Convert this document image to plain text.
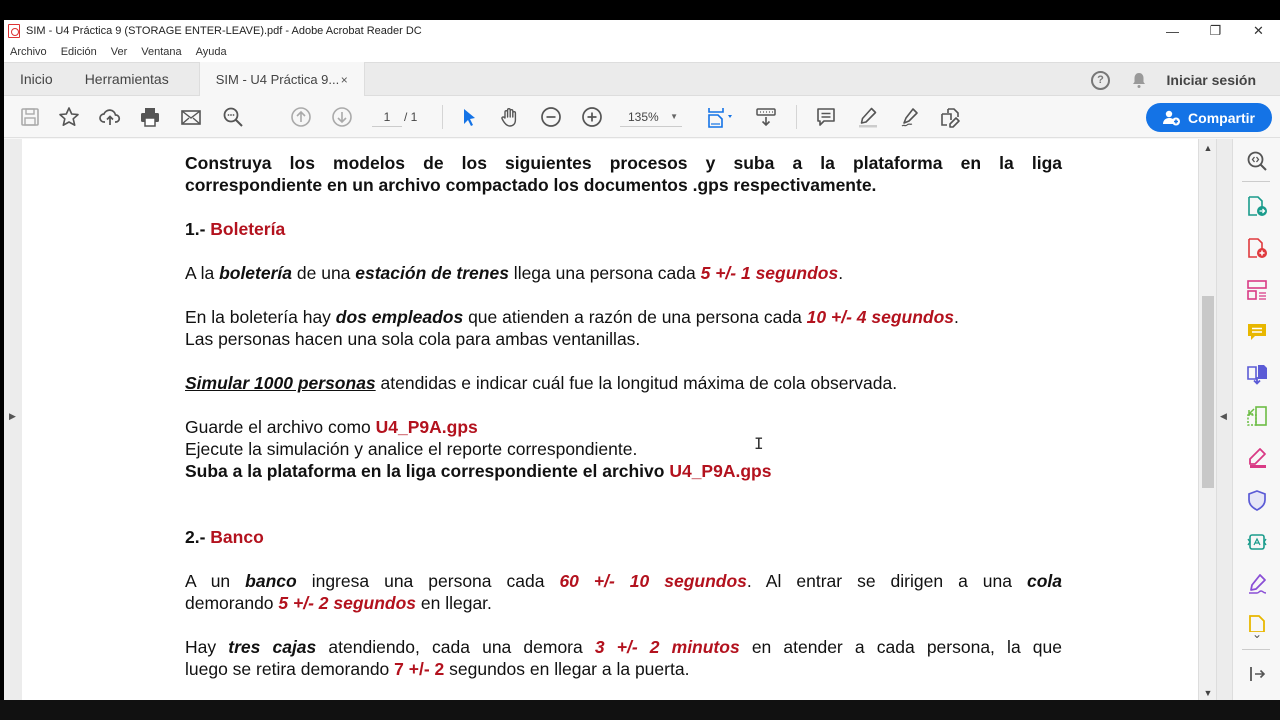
SIM - U4 Práctica 9 (STORAGE ENTER-LEAVE).pdf - Adobe Acrobat Reader DC	—	❐	✕
Archivo Edición Ver Ventana Ayuda
Inicio	Herramientas	SIM - U4 Práctica 9... ×	?	Iniciar sesión
1	/ 1	135% ▼	Compartir
▶

Construya los modelos de los siguientes procesos y suba a la plataforma en la liga

correspondiente en un archivo compactado los documentos .gps respectivamente.

1.- Boletería

A la boletería de una estación de trenes llega una persona cada 5 +/- 1 segundos.

En la boletería hay dos empleados que atienden a razón de una persona cada 10 +/- 4 segundos.

Las personas hacen una sola cola para ambas ventanillas.

Simular 1000 personas atendidas e indicar cuál fue la longitud máxima de cola observada.

Guarde el archivo como U4_P9A.gps

Ejecute la simulación y analice el reporte correspondiente.

Suba a la plataforma en la liga correspondiente el archivo U4_P9A.gps

2.- Banco

A un banco ingresa una persona cada 60 +/- 10 segundos. Al entrar se dirigen a una cola

demorando 5 +/- 2 segundos en llegar.

Hay tres cajas atendiendo, cada una demora 3 +/- 2 minutos en atender a cada persona, la que

luego se retira demorando 7 +/- 2 segundos en llegar a la puerta.

I
▲
▼
◀
⌄
